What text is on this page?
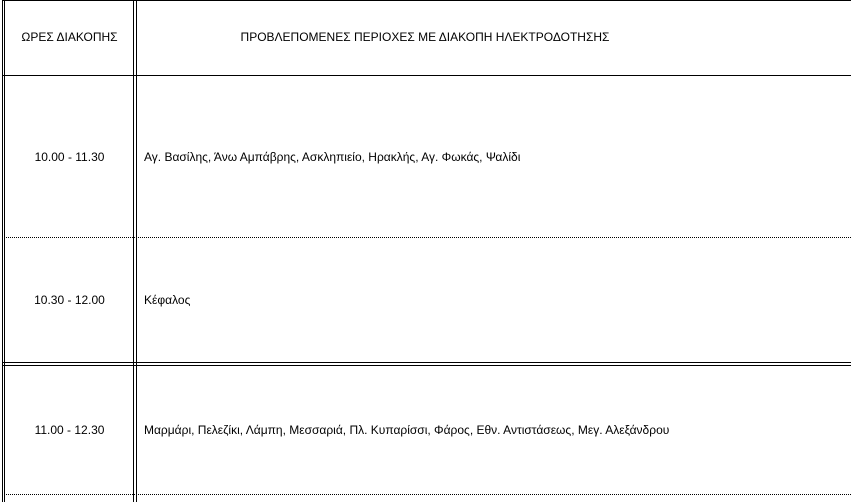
ΩΡΕΣ ΔΙΑΚΟΠΗΣ	ΠΡΟΒΛΕΠΟΜΕΝΕΣ ΠΕΡΙΟΧΕΣ ΜΕ ΔΙΑΚΟΠΗ ΗΛΕΚΤΡΟΔΟΤΗΣΗΣ
10.00 - 11.30	Αγ. Βασίλης, Άνω Αμπάβρης, Ασκληπιείο, Ηρακλής, Αγ. Φωκάς, Ψαλίδι
10.30 - 12.00	Κέφαλος
11.00 - 12.30	Μαρμάρι, Πελεζίκι, Λάμπη, Μεσσαριά, Πλ. Κυπαρίσσι, Φάρος, Εθν. Αντιστάσεως, Μεγ. Αλεξάνδρου
